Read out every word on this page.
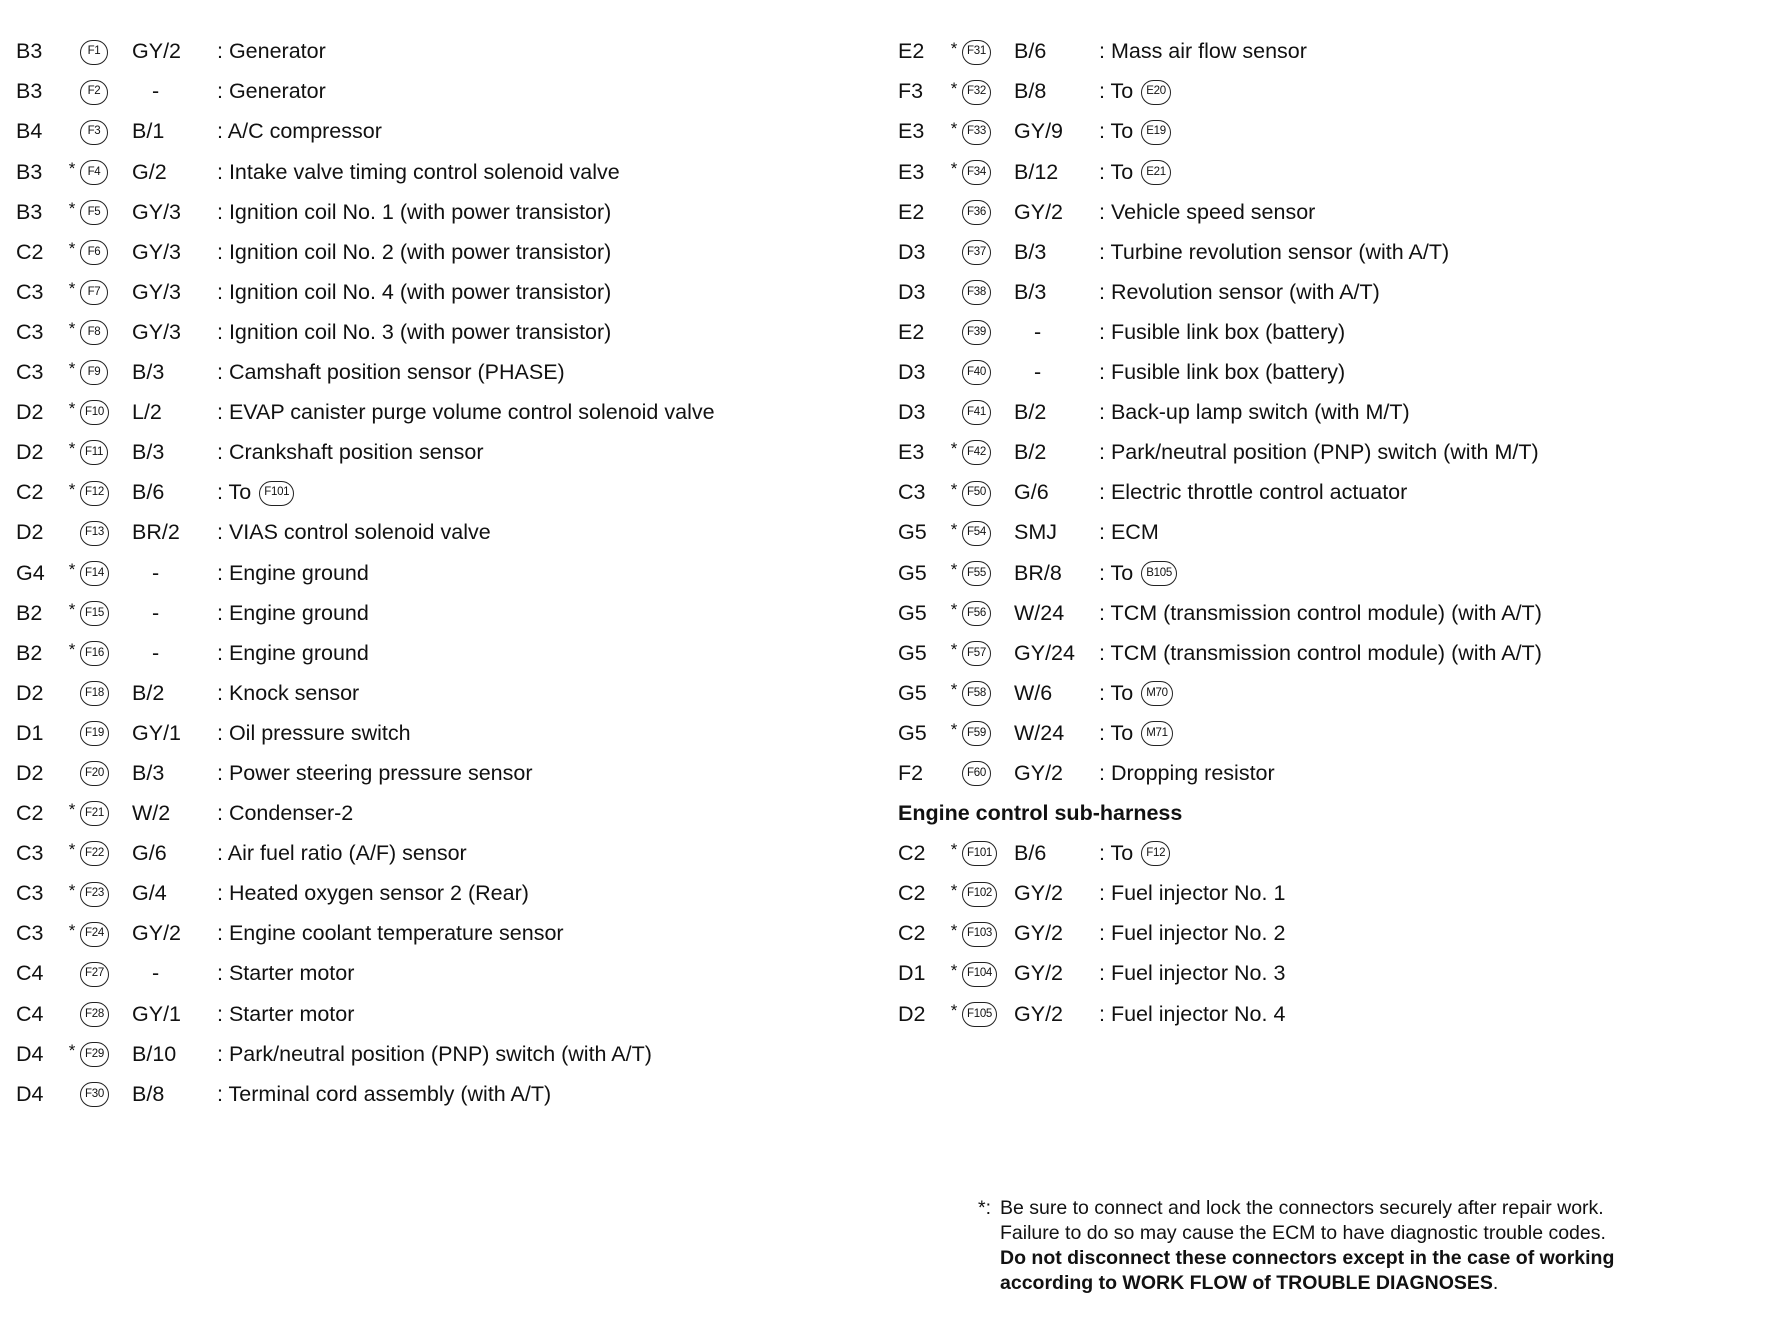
B3	F1	GY/2	: Generator
B3	F2	-	: Generator
B4	F3	B/1	: A/C compressor
B3	*	F4	G/2	: Intake valve timing control solenoid valve
B3	*	F5	GY/3	: Ignition coil No. 1 (with power transistor)
C2	*	F6	GY/3	: Ignition coil No. 2 (with power transistor)
C3	*	F7	GY/3	: Ignition coil No. 4 (with power transistor)
C3	*	F8	GY/3	: Ignition coil No. 3 (with power transistor)
C3	*	F9	B/3	: Camshaft position sensor (PHASE)
D2	* F10 L/2	: EVAP canister purge volume control solenoid valve
D2	* F11 B/3	: Crankshaft position sensor
C2	* F12 B/6	: To	F101
D2	F13 BR/2	: VIAS control solenoid valve
G4	* F14	-	: Engine ground
B2	* F15	-	: Engine ground
B2	* F16	-	: Engine ground
D2	F18 B/2	: Knock sensor
D1	F19 GY/1	: Oil pressure switch
D2	F20 B/3	: Power steering pressure sensor
C2	* F21 W/2	: Condenser-2
C3	* F22 G/6	: Air fuel ratio (A/F) sensor
C3	* F23 G/4	: Heated oxygen sensor 2 (Rear)
C3	* F24 GY/2	: Engine coolant temperature sensor
C4	F27	-	: Starter motor
C4	F28 GY/1	: Starter motor
D4	* F29 B/10	: Park/neutral position (PNP) switch (with A/T)
D4	F30 B/8	: Terminal cord assembly (with A/T)
E2	* F31 B/6	: Mass air flow sensor
F3	* F32 B/8	: To	E20
E3	* F33 GY/9	: To	E19
E3	* F34 B/12	: To	E21
E2	F36 GY/2	: Vehicle speed sensor
D3	F37 B/3	: Turbine revolution sensor (with A/T)
D3	F38 B/3	: Revolution sensor (with A/T)
E2	F39	-	: Fusible link box (battery)
D3	F40	-	: Fusible link box (battery)
D3	F41 B/2	: Back-up lamp switch (with M/T)
E3	* F42 B/2	: Park/neutral position (PNP) switch (with M/T)
C3	* F50 G/6	: Electric throttle control actuator
G5	* F54 SMJ	: ECM
G5	* F55 BR/8	: To	B105
G5	* F56 W/24	: TCM (transmission control module) (with A/T)
G5	* F57 GY/24	: TCM (transmission control module) (with A/T)
G5	* F58 W/6	: To	M70
G5	* F59 W/24	: To	M71
F2	F60 GY/2	: Dropping resistor
Engine control sub-harness
C2	* F101 B/6	: To	F12
C2	* F102 GY/2	: Fuel injector No. 1
C2	* F103 GY/2	: Fuel injector No. 2
D1	* F104 GY/2	: Fuel injector No. 3
D2	* F105 GY/2	: Fuel injector No. 4
*: Be sure to connect and lock the connectors securely after repair work.
Failure to do so may cause the ECM to have diagnostic trouble codes.
Do not disconnect these connectors except in the case of working
according to WORK FLOW of TROUBLE DIAGNOSES.
